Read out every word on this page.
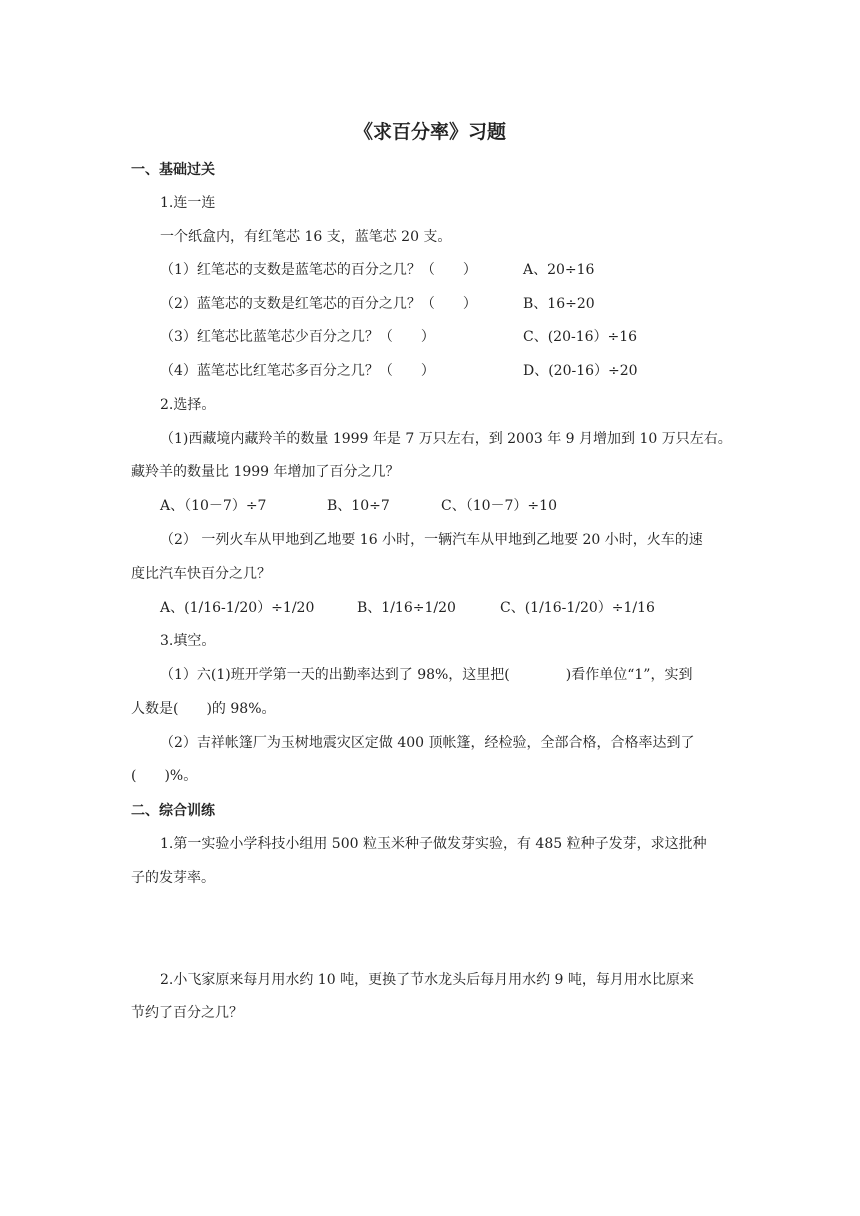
《求百分率》习题
一、基础过关
1.连一连
一个纸盒内，有红笔芯 16 支，蓝笔芯 20 支。
（1）红笔芯的支数是蓝笔芯的百分之几？（　　）	A、20÷16
（2）蓝笔芯的支数是红笔芯的百分之几？（　　）	B、16÷20
（3）红笔芯比蓝笔芯少百分之几？（　　）	C、(20-16）÷16
（4）蓝笔芯比红笔芯多百分之几？（　　）	D、(20-16）÷20
2.选择。
（1)西藏境内藏羚羊的数量 1999 年是 7 万只左右，到 2003 年 9 月增加到 10 万只左右。
藏羚羊的数量比 1999 年增加了百分之几？
A、（10－7）÷7	B、10÷7	C、（10－7）÷10
（2） 一列火车从甲地到乙地要 16 小时，一辆汽车从甲地到乙地要 20 小时，火车的速
度比汽车快百分之几？
A、(1/16-1/20）÷1/20	B、1/16÷1/20	C、(1/16-1/20）÷1/16
3.填空。
（1）六(1)班开学第一天的出勤率达到了 98%，这里把(　　　　)看作单位“1”，实到
人数是(　　)的 98%。
（2）吉祥帐篷厂为玉树地震灾区定做 400 顶帐篷，经检验，全部合格，合格率达到了
(　　)%。
二、综合训练
1.第一实验小学科技小组用 500 粒玉米种子做发芽实验，有 485 粒种子发芽，求这批种
子的发芽率。
2.小飞家原来每月用水约 10 吨，更换了节水龙头后每月用水约 9 吨，每月用水比原来
节约了百分之几？
